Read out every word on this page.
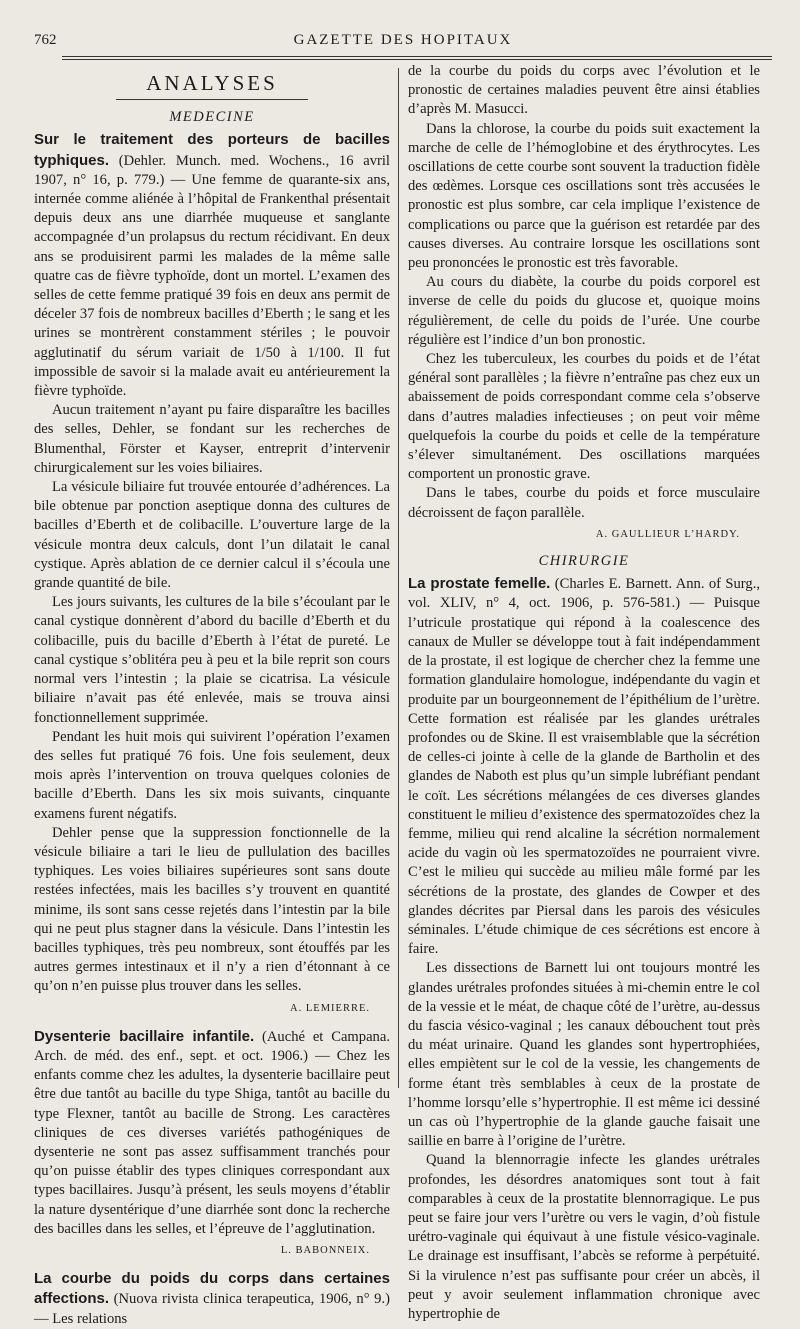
762	GAZETTE DES HOPITAUX
ANALYSES
MEDECINE

Sur le traitement des porteurs de bacilles typhiques. (Dehler. Munch. med. Wochens., 16 avril 1907, n° 16, p. 779.) — Une femme de quarante-six ans, internée comme aliénée à l’hôpital de Frankenthal présentait depuis deux ans une diarrhée muqueuse et sanglante accompagnée d’un prolapsus du rectum récidivant. En deux ans se produisirent parmi les malades de la même salle quatre cas de fièvre typhoïde, dont un mortel. L’examen des selles de cette femme pratiqué 39 fois en deux ans permit de déceler 37 fois de nombreux bacilles d’Eberth ; le sang et les urines se montrèrent constamment stériles ; le pouvoir agglutinatif du sérum variait de 1/50 à 1/100. Il fut impossible de savoir si la malade avait eu antérieurement la fièvre typhoïde.

Aucun traitement n’ayant pu faire disparaître les bacilles des selles, Dehler, se fondant sur les recherches de Blumenthal, Förster et Kayser, entreprit d’intervenir chirurgicalement sur les voies biliaires.

La vésicule biliaire fut trouvée entourée d’adhérences. La bile obtenue par ponction aseptique donna des cultures de bacilles d’Eberth et de colibacille. L’ouverture large de la vésicule montra deux calculs, dont l’un dilatait le canal cystique. Après ablation de ce dernier calcul il s’écoula une grande quantité de bile.

Les jours suivants, les cultures de la bile s’écoulant par le canal cystique donnèrent d’abord du bacille d’Eberth et du colibacille, puis du bacille d’Eberth à l’état de pureté. Le canal cystique s’oblitéra peu à peu et la bile reprit son cours normal vers l’intestin ; la plaie se cicatrisa. La vésicule biliaire n’avait pas été enlevée, mais se trouva ainsi fonctionnellement supprimée.

Pendant les huit mois qui suivirent l’opération l’examen des selles fut pratiqué 76 fois. Une fois seulement, deux mois après l’intervention on trouva quelques colonies de bacille d’Eberth. Dans les six mois suivants, cinquante examens furent négatifs.

Dehler pense que la suppression fonctionnelle de la vésicule biliaire a tari le lieu de pullulation des bacilles typhiques. Les voies biliaires supérieures sont sans doute restées infectées, mais les bacilles s’y trouvent en quantité minime, ils sont sans cesse rejetés dans l’intestin par la bile qui ne peut plus stagner dans la vésicule. Dans l’intestin les bacilles typhiques, très peu nombreux, sont étouffés par les autres germes intestinaux et il n’y a rien d’étonnant à ce qu’on n’en puisse plus trouver dans les selles.

A. LEMIERRE.

Dysenterie bacillaire infantile. (Auché et Campana. Arch. de méd. des enf., sept. et oct. 1906.) — Chez les enfants comme chez les adultes, la dysenterie bacillaire peut être due tantôt au bacille du type Shiga, tantôt au bacille du type Flexner, tantôt au bacille de Strong. Les caractères cliniques de ces diverses variétés pathogéniques de dysenterie ne sont pas assez suffisamment tranchés pour qu’on puisse établir des types cliniques correspondant aux types bacillaires. Jusqu’à présent, les seuls moyens d’établir la nature dysentérique d’une diarrhée sont donc la recherche des bacilles dans les selles, et l’épreuve de l’agglutination.

L. BABONNEIX.

La courbe du poids du corps dans certaines affections. (Nuova rivista clinica terapeutica, 1906, n° 9.) — Les relations

de la courbe du poids du corps avec l’évolution et le pronostic de certaines maladies peuvent être ainsi établies d’après M. Masucci.

Dans la chlorose, la courbe du poids suit exactement la marche de celle de l’hémoglobine et des érythrocytes. Les oscillations de cette courbe sont souvent la traduction fidèle des œdèmes. Lorsque ces oscillations sont très accusées le pronostic est plus sombre, car cela implique l’existence de complications ou parce que la guérison est retardée par des causes diverses. Au contraire lorsque les oscillations sont peu prononcées le pronostic est très favorable.

Au cours du diabète, la courbe du poids corporel est inverse de celle du poids du glucose et, quoique moins régulièrement, de celle du poids de l’urée. Une courbe régulière est l’indice d’un bon pronostic.

Chez les tuberculeux, les courbes du poids et de l’état général sont parallèles ; la fièvre n’entraîne pas chez eux un abaissement de poids correspondant comme cela s’observe dans d’autres maladies infectieuses ; on peut voir même quelquefois la courbe du poids et celle de la température s’élever simultanément. Des oscillations marquées comportent un pronostic grave.

Dans le tabes, courbe du poids et force musculaire décroissent de façon parallèle.

A. GAULLIEUR L’HARDY.
CHIRURGIE

La prostate femelle. (Charles E. Barnett. Ann. of Surg., vol. XLIV, n° 4, oct. 1906, p. 576-581.) — Puisque l’utricule prostatique qui répond à la coalescence des canaux de Muller se développe tout à fait indépendamment de la prostate, il est logique de chercher chez la femme une formation glandulaire homologue, indépendante du vagin et produite par un bourgeonnement de l’épithélium de l’urètre. Cette formation est réalisée par les glandes urétrales profondes ou de Skine. Il est vraisemblable que la sécrétion de celles-ci jointe à celle de la glande de Bartholin et des glandes de Naboth est plus qu’un simple lubréfiant pendant le coït. Les sécrétions mélangées de ces diverses glandes constituent le milieu d’existence des spermatozoïdes chez la femme, milieu qui rend alcaline la sécrétion normalement acide du vagin où les spermatozoïdes ne pourraient vivre. C’est le milieu qui succède au milieu mâle formé par les sécrétions de la prostate, des glandes de Cowper et des glandes décrites par Piersal dans les parois des vésicules séminales. L’étude chimique de ces sécrétions est encore à faire.

Les dissections de Barnett lui ont toujours montré les glandes urétrales profondes situées à mi-chemin entre le col de la vessie et le méat, de chaque côté de l’urètre, au-dessus du fascia vésico-vaginal ; les canaux débouchent tout près du méat urinaire. Quand les glandes sont hypertrophiées, elles empiètent sur le col de la vessie, les changements de forme étant très semblables à ceux de la prostate de l’homme lorsqu’elle s’hypertrophie. Il est même ici dessiné un cas où l’hypertrophie de la glande gauche faisait une saillie en barre à l’origine de l’urètre.

Quand la blennorragie infecte les glandes urétrales profondes, les désordres anatomiques sont tout à fait comparables à ceux de la prostatite blennorragique. Le pus peut se faire jour vers l’urètre ou vers le vagin, d’où fistule urétro-vaginale qui équivaut à une fistule vésico-vaginale. Le drainage est insuffisant, l’abcès se reforme à perpétuité. Si la virulence n’est pas suffisante pour créer un abcès, il peut y avoir seulement inflammation chronique avec hypertrophie de
